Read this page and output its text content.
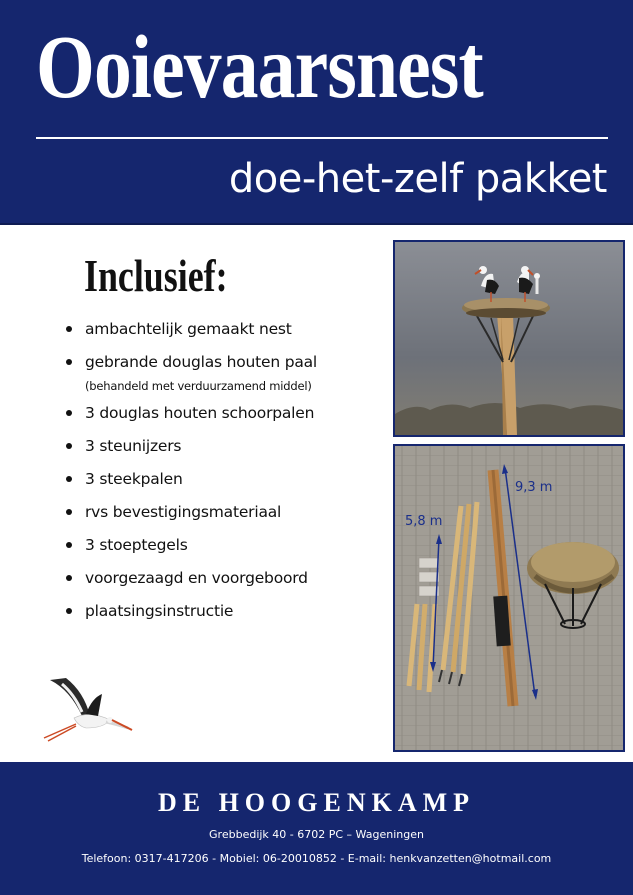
Ooievaarsnest
doe-het-zelf pakket
Inclusief:
ambachtelijk gemaakt nest
gebrande douglas houten paal
(behandeld met verduurzamend middel)
3 douglas houten schoorpalen
3 steunijzers
3 steekpalen
rvs bevestigingsmateriaal
3 stoeptegels
voorgezaagd en voorgeboord
plaatsingsinstructie
9,3 m
5,8 m
DE HOOGENKAMP
Grebbedijk 40 - 6702 PC – Wageningen
Telefoon: 0317-417206 - Mobiel: 06-20010852 - E-mail: henkvanzetten@hotmail.com
